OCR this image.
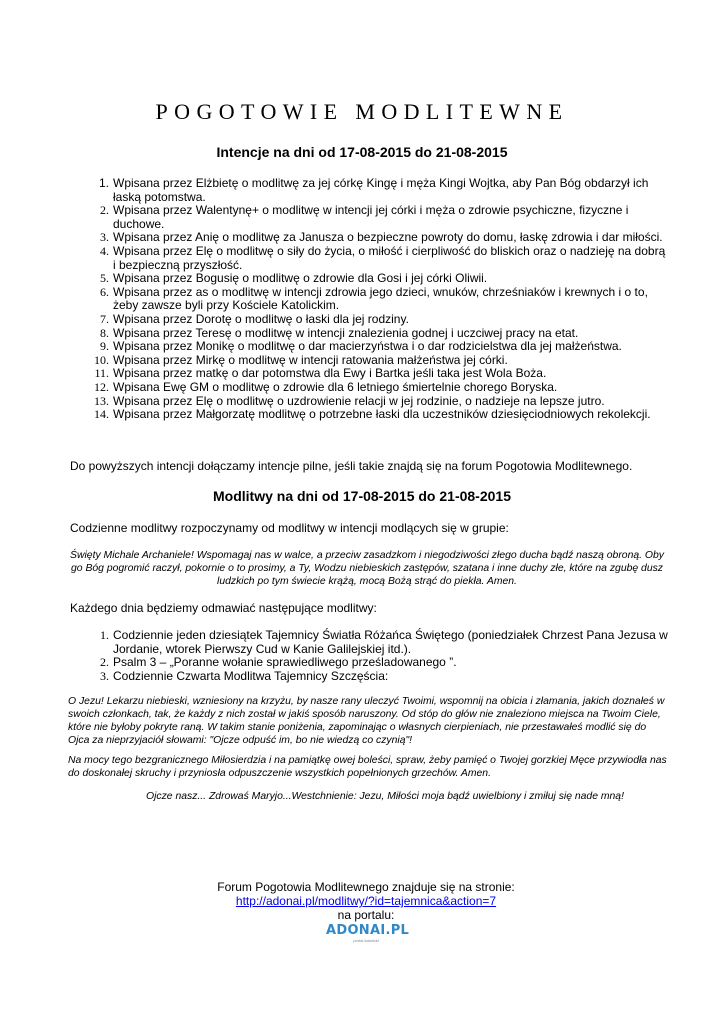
POGOTOWIE MODLITEWNE
Intencje na dni od 17-08-2015 do 21-08-2015
1. Wpisana przez Elżbietę o modlitwę za jej córkę Kingę i męża Kingi Wojtka, aby Pan Bóg obdarzył ich łaską potomstwa.
2. Wpisana przez Walentynę+ o modlitwę w intencji jej córki i męża o zdrowie psychiczne, fizyczne i duchowe.
3. Wpisana przez Anię o modlitwę za Janusza o bezpieczne powroty do domu, łaskę zdrowia i dar miłości.
4. Wpisana przez Elę o modlitwę o siły do życia, o miłość i cierpliwość do bliskich oraz o nadzieję na dobrą i bezpieczną przyszłość.
5. Wpisana przez Bogusię o modlitwę o zdrowie dla Gosi i jej córki Oliwii.
6. Wpisana przez as o modlitwę w intencji zdrowia jego dzieci, wnuków, chrześniaków i krewnych i o to, żeby zawsze byli przy Kościele Katolickim.
7. Wpisana przez Dorotę o modlitwę o łaski dla jej rodziny.
8. Wpisana przez Teresę o modlitwę w intencji znalezienia godnej i uczciwej pracy na etat.
9. Wpisana przez Monikę o modlitwę o dar macierzyństwa i o dar rodzicielstwa dla jej małżeństwa.
10. Wpisana przez Mirkę o modlitwę w intencji ratowania małżeństwa jej córki.
11. Wpisana przez matkę o dar potomstwa dla Ewy i Bartka jeśli taka jest Wola Boża.
12. Wpisana Ewę GM o modlitwę o zdrowie dla 6 letniego śmiertelnie chorego Boryska.
13. Wpisana przez Elę o modlitwę o uzdrowienie relacji w jej rodzinie, o nadzieje na lepsze jutro.
14. Wpisana przez Małgorzatę modlitwę o potrzebne łaski dla uczestników dziesięciodniowych rekolekcji.

Do powyższych intencji dołączamy intencje pilne, jeśli takie znajdą się na forum Pogotowia Modlitewnego.

Modlitwy na dni od 17-08-2015 do 21-08-2015

Codzienne modlitwy rozpoczynamy od modlitwy w intencji modlących się w grupie:

Święty Michale Archaniele! Wspomagaj nas w walce, a przeciw zasadzkom i niegodziwości złego ducha bądź naszą obroną. Oby go Bóg pogromić raczył, pokornie o to prosimy, a Ty, Wodzu niebieskich zastępów, szatana i inne duchy złe, które na zgubę dusz ludzkich po tym świecie krążą, mocą Bożą strąć do piekła. Amen.

Każdego dnia będziemy odmawiać następujące modlitwy:

1. Codziennie jeden dziesiątek Tajemnicy Światła Różańca Świętego (poniedziałek Chrzest Pana Jezusa w Jordanie, wtorek Pierwszy Cud w Kanie Galilejskiej itd.).
2. Psalm 3 – „Poranne wołanie sprawiedliwego prześladowanego ”.
3. Codziennie Czwarta Modlitwa Tajemnicy Szczęścia:

O Jezu! Lekarzu niebieski, wzniesiony na krzyżu, by nasze rany uleczyć Twoimi, wspomnij na obicia i złamania, jakich doznałeś w swoich członkach, tak, że każdy z nich został w jakiś sposób naruszony. Od stóp do głów nie znaleziono miejsca na Twoim Ciele, które nie byłoby pokryte raną. W takim stanie poniżenia, zapominając o własnych cierpieniach, nie przestawałeś modlić się do Ojca za nieprzyjaciół słowami: "Ojcze odpuść im, bo nie wiedzą co czynią"!

Na mocy tego bezgranicznego Miłosierdzia i na pamiątkę owej boleści, spraw, żeby pamięć o Twojej gorzkiej Męce przywiodła nas do doskonałej skruchy i przyniosła odpuszczenie wszystkich popełnionych grzechów. Amen.

Ojcze nasz... Zdrowaś Maryjo...Westchnienie: Jezu, Miłości moja bądź uwielbiony i zmiłuj się nade mną!

Forum Pogotowia Modlitewnego znajduje się na stronie:
http://adonai.pl/modlitwy/?id=tajemnica&action=7
na portalu:
ADONAI.PL
portal katolicki
